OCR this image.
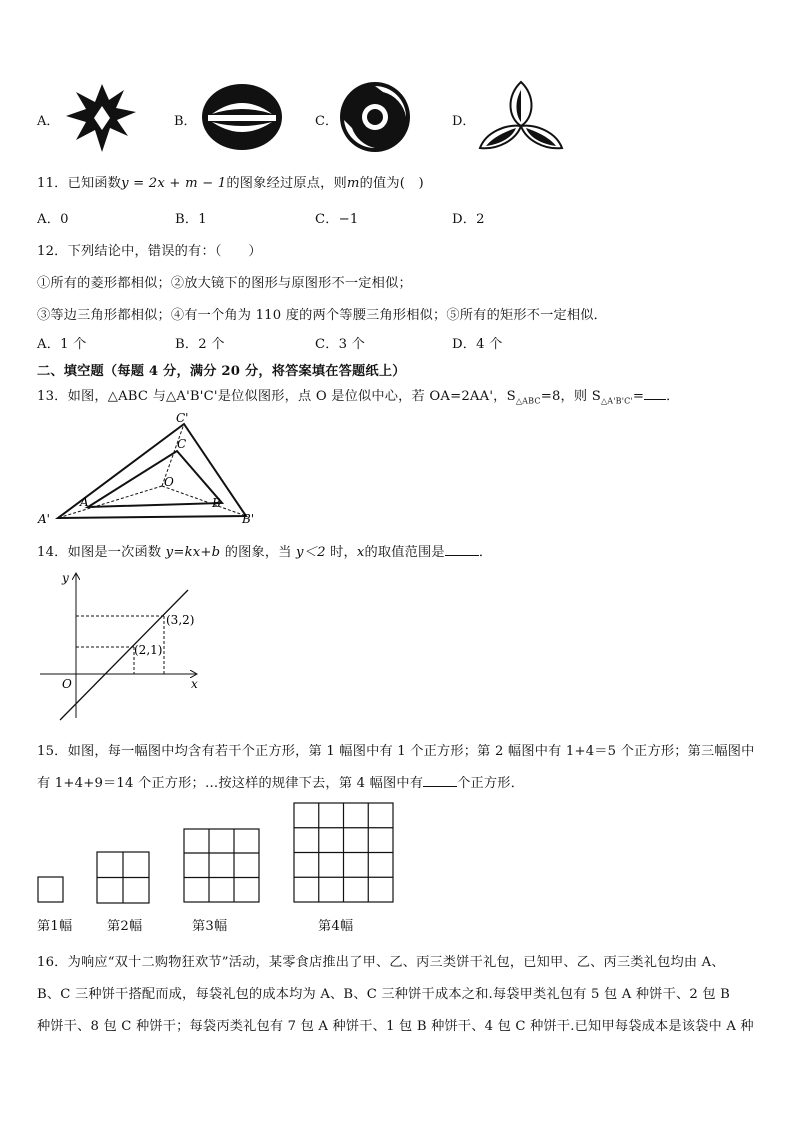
A．	B．	C．	D．
11．已知函数y = 2x + m − 1的图象经过原点，则m的值为(　)
A．0	B．1	C．−1	D．2
12．下列结论中，错误的有：（　　）
①所有的菱形都相似；②放大镜下的图形与原图形不一定相似；
③等边三角形都相似；④有一个角为 110 度的两个等腰三角形相似；⑤所有的矩形不一定相似．
A．1 个	B．2 个	C．3 个	D．4 个
二、填空题（每题 4 分，满分 20 分，将答案填在答题纸上）
13．如图，△ABC 与△A'B'C'是位似图形，点 O 是位似中心，若 OA=2AA'，$S_{\triangle ABC}=8$，则 $S_{\triangle A'B'C'}=$ ．
C'
C
O
A	B
A'	B'
14．如图是一次函数 y=kx+b 的图象，当 y＜2 时，x的取值范围是	．
y
x
O
(3,2)
(2,1)
15．如图，每一幅图中均含有若干个正方形，第 1 幅图中有 1 个正方形；第 2 幅图中有 1+4＝5 个正方形；第三幅图中
有 1+4+9＝14 个正方形；…按这样的规律下去，第 4 幅图中有	个正方形．
第1幅	第2幅	第3幅	第4幅
16．为响应“双十二购物狂欢节”活动，某零食店推出了甲、乙、丙三类饼干礼包，已知甲、乙、丙三类礼包均由 A、
B、C 三种饼干搭配而成，每袋礼包的成本均为 A、B、C 三种饼干成本之和.每袋甲类礼包有 5 包 A 种饼干、2 包 B
种饼干、8 包 C 种饼干；每袋丙类礼包有 7 包 A 种饼干、1 包 B 种饼干、4 包 C 种饼干.已知甲每袋成本是该袋中 A 种
